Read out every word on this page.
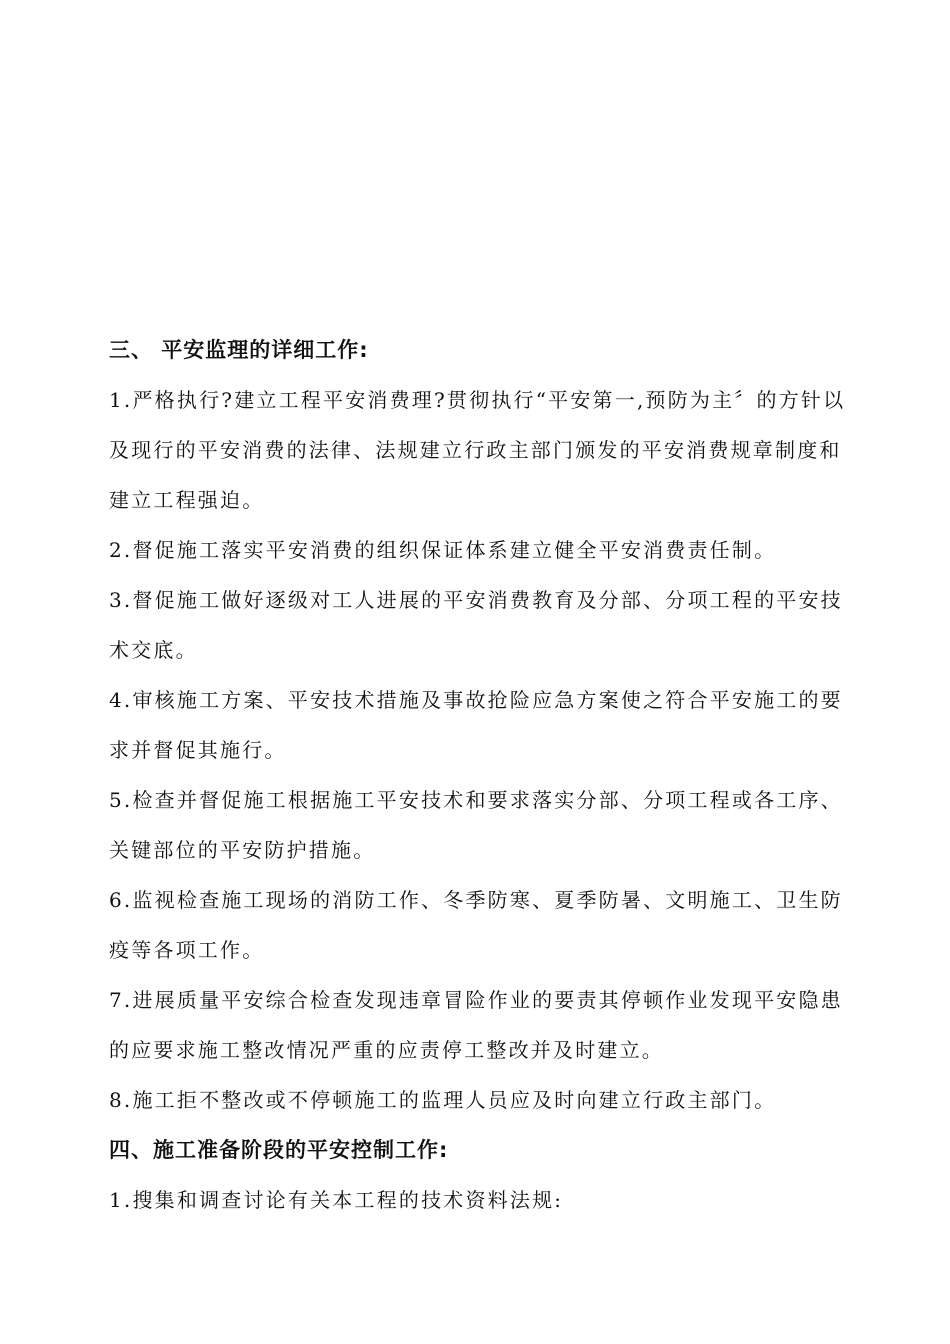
三、 平安监理的详细工作:

1.严格执行?建立工程平安消费理?贯彻执行“平安第一,预防为主〞的方针以及现行的平安消费的法律、法规建立行政主部门颁发的平安消费规章制度和建立工程强迫。

2.督促施工落实平安消费的组织保证体系建立健全平安消费责任制。

3.督促施工做好逐级对工人进展的平安消费教育及分部、分项工程的平安技术交底。

4.审核施工方案、平安技术措施及事故抢险应急方案使之符合平安施工的要求并督促其施行。

5.检查并督促施工根据施工平安技术和要求落实分部、分项工程或各工序、关键部位的平安防护措施。

6.监视检查施工现场的消防工作、冬季防寒、夏季防暑、文明施工、卫生防疫等各项工作。

7.进展质量平安综合检查发现违章冒险作业的要责其停顿作业发现平安隐患的应要求施工整改情况严重的应责停工整改并及时建立。

8.施工拒不整改或不停顿施工的监理人员应及时向建立行政主部门。

四、施工准备阶段的平安控制工作:

1.搜集和调查讨论有关本工程的技术资料法规:
